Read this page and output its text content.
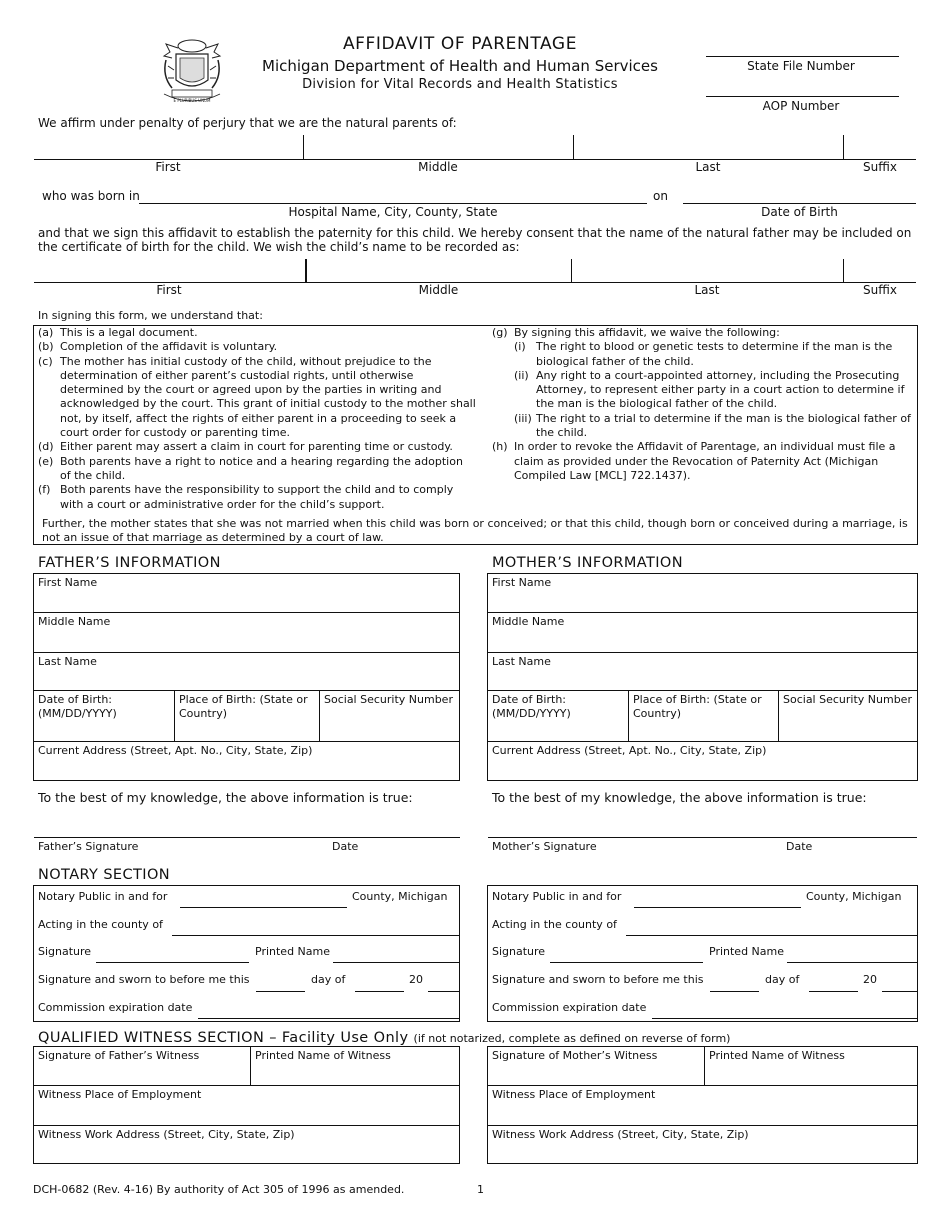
E PLURIBUS UNUM
AFFIDAVIT OF PARENTAGE
Michigan Department of Health and Human Services
Division for Vital Records and Health Statistics
State File Number
AOP Number
We affirm under penalty of perjury that we are the natural parents of:
First	Middle	Last	Suffix
who was born in	on
Hospital Name, City, County, State	Date of Birth
and that we sign this affidavit to establish the paternity for this child. We hereby consent that the name of the natural father may be included on the certificate of birth for the child. We wish the child’s name to be recorded as:
First	Middle	Last	Suffix
In signing this form, we understand that:
(a) This is a legal document.
(b) Completion of the affidavit is voluntary.
(c) The mother has initial custody of the child, without prejudice to the determination of either parent’s custodial rights, until otherwise determined by the court or agreed upon by the parties in writing and acknowledged by the court. This grant of initial custody to the mother shall not, by itself, affect the rights of either parent in a proceeding to seek a court order for custody or parenting time.
(d) Either parent may assert a claim in court for parenting time or custody.
(e) Both parents have a right to notice and a hearing regarding the adoption of the child.
(f) Both parents have the responsibility to support the child and to comply with a court or administrative order for the child’s support.
(g) By signing this affidavit, we waive the following:
(i) The right to blood or genetic tests to determine if the man is the biological father of the child.
(ii) Any right to a court-appointed attorney, including the Prosecuting Attorney, to represent either party in a court action to determine if the man is the biological father of the child.
(iii) The right to a trial to determine if the man is the biological father of the child.
(h) In order to revoke the Affidavit of Parentage, an individual must file a claim as provided under the Revocation of Paternity Act (Michigan Compiled Law [MCL] 722.1437).
Further, the mother states that she was not married when this child was born or conceived; or that this child, though born or conceived during a marriage, is not an issue of that marriage as determined by a court of law.
FATHER’S INFORMATION	MOTHER’S INFORMATION
First Name
Middle Name
Last Name
Date of Birth: (MM/DD/YYYY)
Place of Birth: (State or Country)
Social Security Number
Current Address (Street, Apt. No., City, State, Zip)
First Name
Middle Name
Last Name
Date of Birth: (MM/DD/YYYY)
Place of Birth: (State or Country)
Social Security Number
Current Address (Street, Apt. No., City, State, Zip)
To the best of my knowledge, the above information is true:	To the best of my knowledge, the above information is true:
Father’s Signature	Date	Mother’s Signature	Date
NOTARY SECTION
Notary Public in and for	County, Michigan
Acting in the county of
Signature	Printed Name
Signature and sworn to before me this	day of	20
Commission expiration date
Notary Public in and for	County, Michigan
Acting in the county of
Signature	Printed Name
Signature and sworn to before me this	day of	20
Commission expiration date
QUALIFIED WITNESS SECTION – Facility Use Only (if not notarized, complete as defined on reverse of form)
Signature of Father’s Witness	Printed Name of Witness
Witness Place of Employment
Witness Work Address (Street, City, State, Zip)
Signature of Mother’s Witness	Printed Name of Witness
Witness Place of Employment
Witness Work Address (Street, City, State, Zip)
DCH-0682 (Rev. 4-16) By authority of Act 305 of 1996 as amended.	1
